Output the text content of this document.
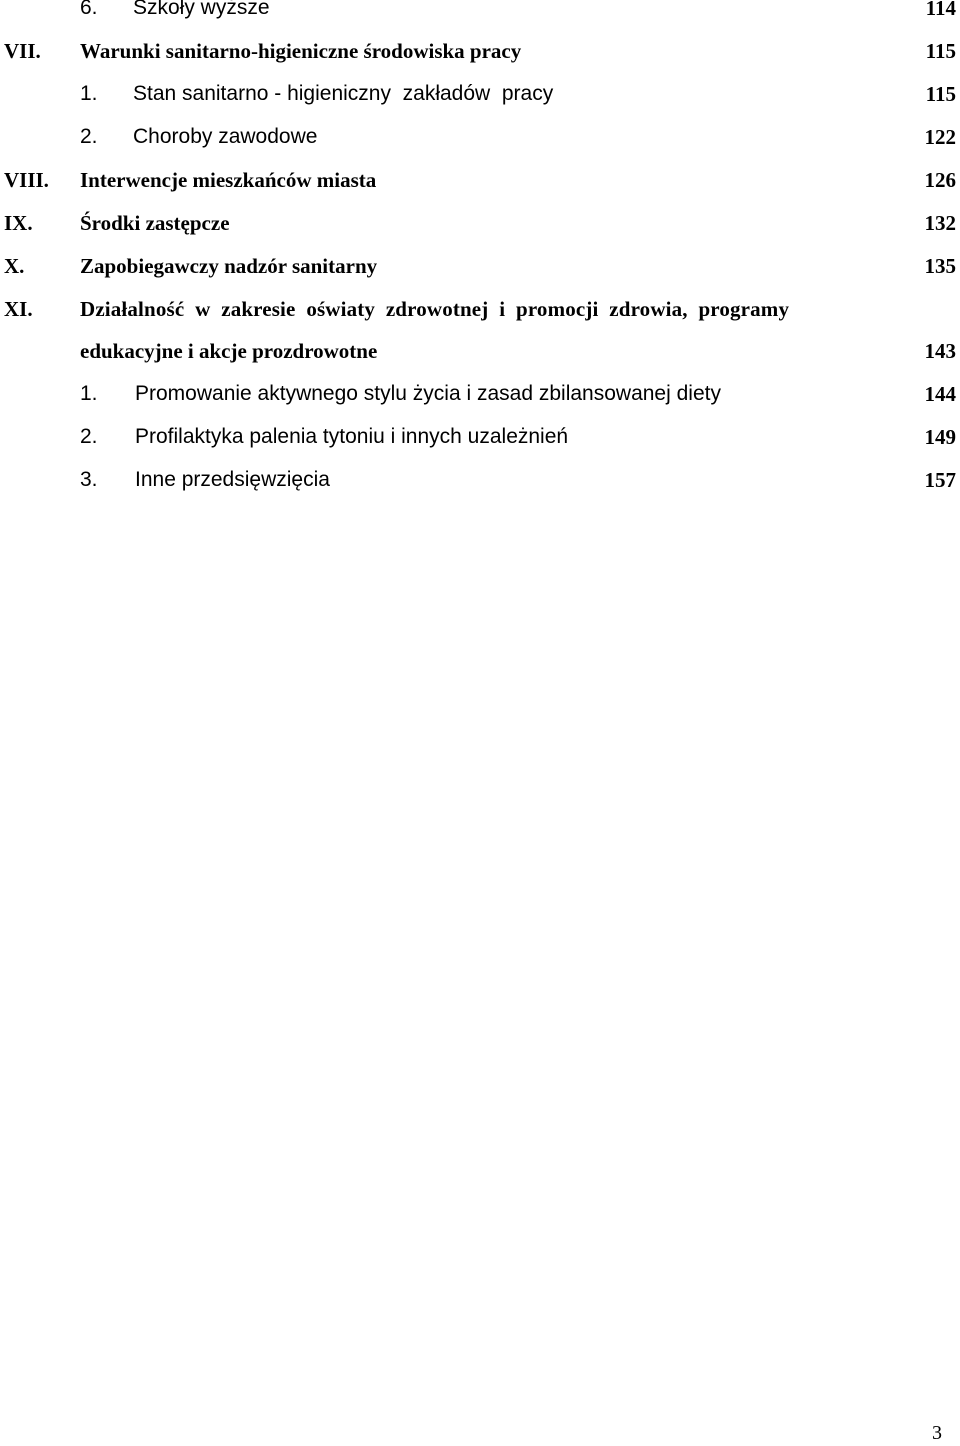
6. Szkoły wyższe	114
VII. Warunki sanitarno-higieniczne środowiska pracy	115
1. Stan sanitarno - higieniczny  zakładów  pracy	115
2. Choroby zawodowe	122
VIII. Interwencje mieszkańców miasta	126
IX. Środki zastępcze	132
X.	Zapobiegawczy nadzór sanitarny	135
XI. Działalność  w  zakresie  oświaty  zdrowotnej  i  promocji  zdrowia,  programy
edukacyjne i akcje prozdrowotne	143
1. Promowanie aktywnego stylu życia i zasad zbilansowanej diety	144
2. Profilaktyka palenia tytoniu i innych uzależnień	149
3. Inne przedsięwzięcia	157
3
